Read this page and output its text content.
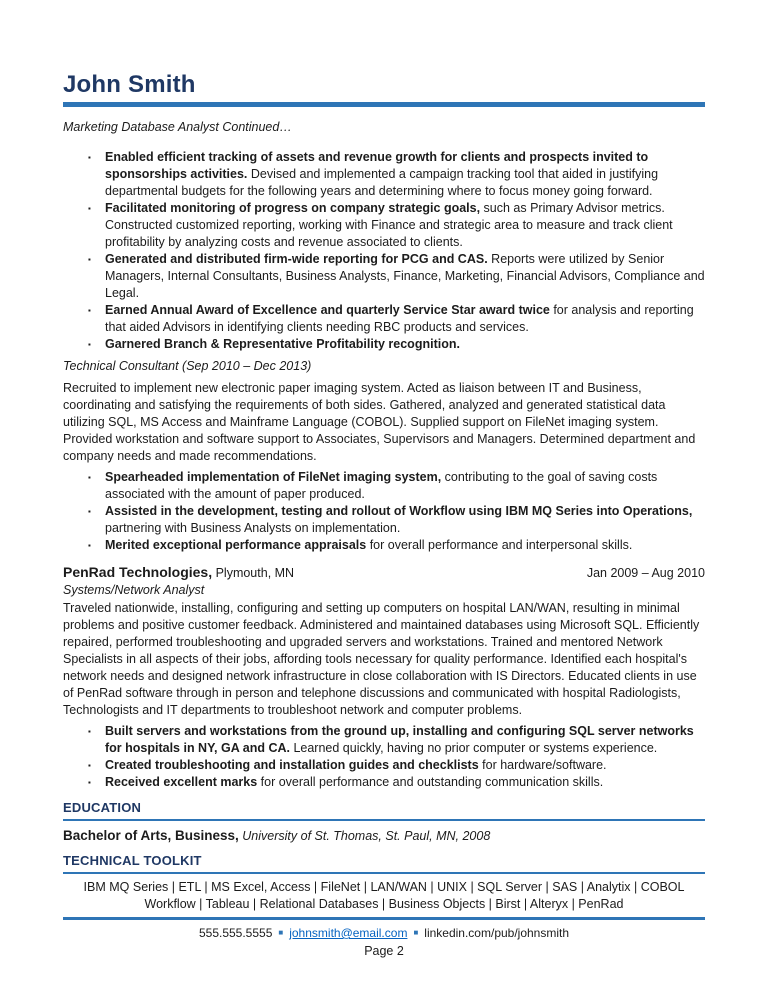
John Smith

Marketing Database Analyst Continued…

▪ Enabled efficient tracking of assets and revenue growth for clients and prospects invited to sponsorships activities. Devised and implemented a campaign tracking tool that aided in justifying departmental budgets for the following years and determining where to focus money going forward.
▪ Facilitated monitoring of progress on company strategic goals, such as Primary Advisor metrics. Constructed customized reporting, working with Finance and strategic area to measure and track client profitability by analyzing costs and revenue associated to clients.
▪ Generated and distributed firm-wide reporting for PCG and CAS. Reports were utilized by Senior Managers, Internal Consultants, Business Analysts, Finance, Marketing, Financial Advisors, Compliance and Legal.
▪ Earned Annual Award of Excellence and quarterly Service Star award twice for analysis and reporting that aided Advisors in identifying clients needing RBC products and services.
▪ Garnered Branch & Representative Profitability recognition.

Technical Consultant (Sep 2010 – Dec 2013)

Recruited to implement new electronic paper imaging system. Acted as liaison between IT and Business, coordinating and satisfying the requirements of both sides. Gathered, analyzed and generated statistical data utilizing SQL, MS Access and Mainframe Language (COBOL). Supplied support on FileNet imaging system. Provided workstation and software support to Associates, Supervisors and Managers. Determined department and company needs and made recommendations.

▪ Spearheaded implementation of FileNet imaging system, contributing to the goal of saving costs associated with the amount of paper produced.
▪ Assisted in the development, testing and rollout of Workflow using IBM MQ Series into Operations, partnering with Business Analysts on implementation.
▪ Merited exceptional performance appraisals for overall performance and interpersonal skills.
PenRad Technologies, Plymouth, MN	Jan 2009 – Aug 2010

Systems/Network Analyst

Traveled nationwide, installing, configuring and setting up computers on hospital LAN/WAN, resulting in minimal problems and positive customer feedback. Administered and maintained databases using Microsoft SQL. Efficiently repaired, performed troubleshooting and upgraded servers and workstations. Trained and mentored Network Specialists in all aspects of their jobs, affording tools necessary for quality performance. Identified each hospital's network needs and designed network infrastructure in close collaboration with IS Directors. Educated clients in use of PenRad software through in person and telephone discussions and communicated with hospital Radiologists, Technologists and IT departments to troubleshoot network and computer problems.

▪ Built servers and workstations from the ground up, installing and configuring SQL server networks for hospitals in NY, GA and CA. Learned quickly, having no prior computer or systems experience.
▪ Created troubleshooting and installation guides and checklists for hardware/software.
▪ Received excellent marks for overall performance and outstanding communication skills.
EDUCATION

Bachelor of Arts, Business, University of St. Thomas, St. Paul, MN, 2008

TECHNICAL TOOLKIT

IBM MQ Series | ETL | MS Excel, Access | FileNet | LAN/WAN | UNIX | SQL Server | SAS | Analytix | COBOL

Workflow | Tableau | Relational Databases | Business Objects | Birst | Alteryx | PenRad

555.555.5555 ■ johnsmith@email.com ■ linkedin.com/pub/johnsmith

Page 2
